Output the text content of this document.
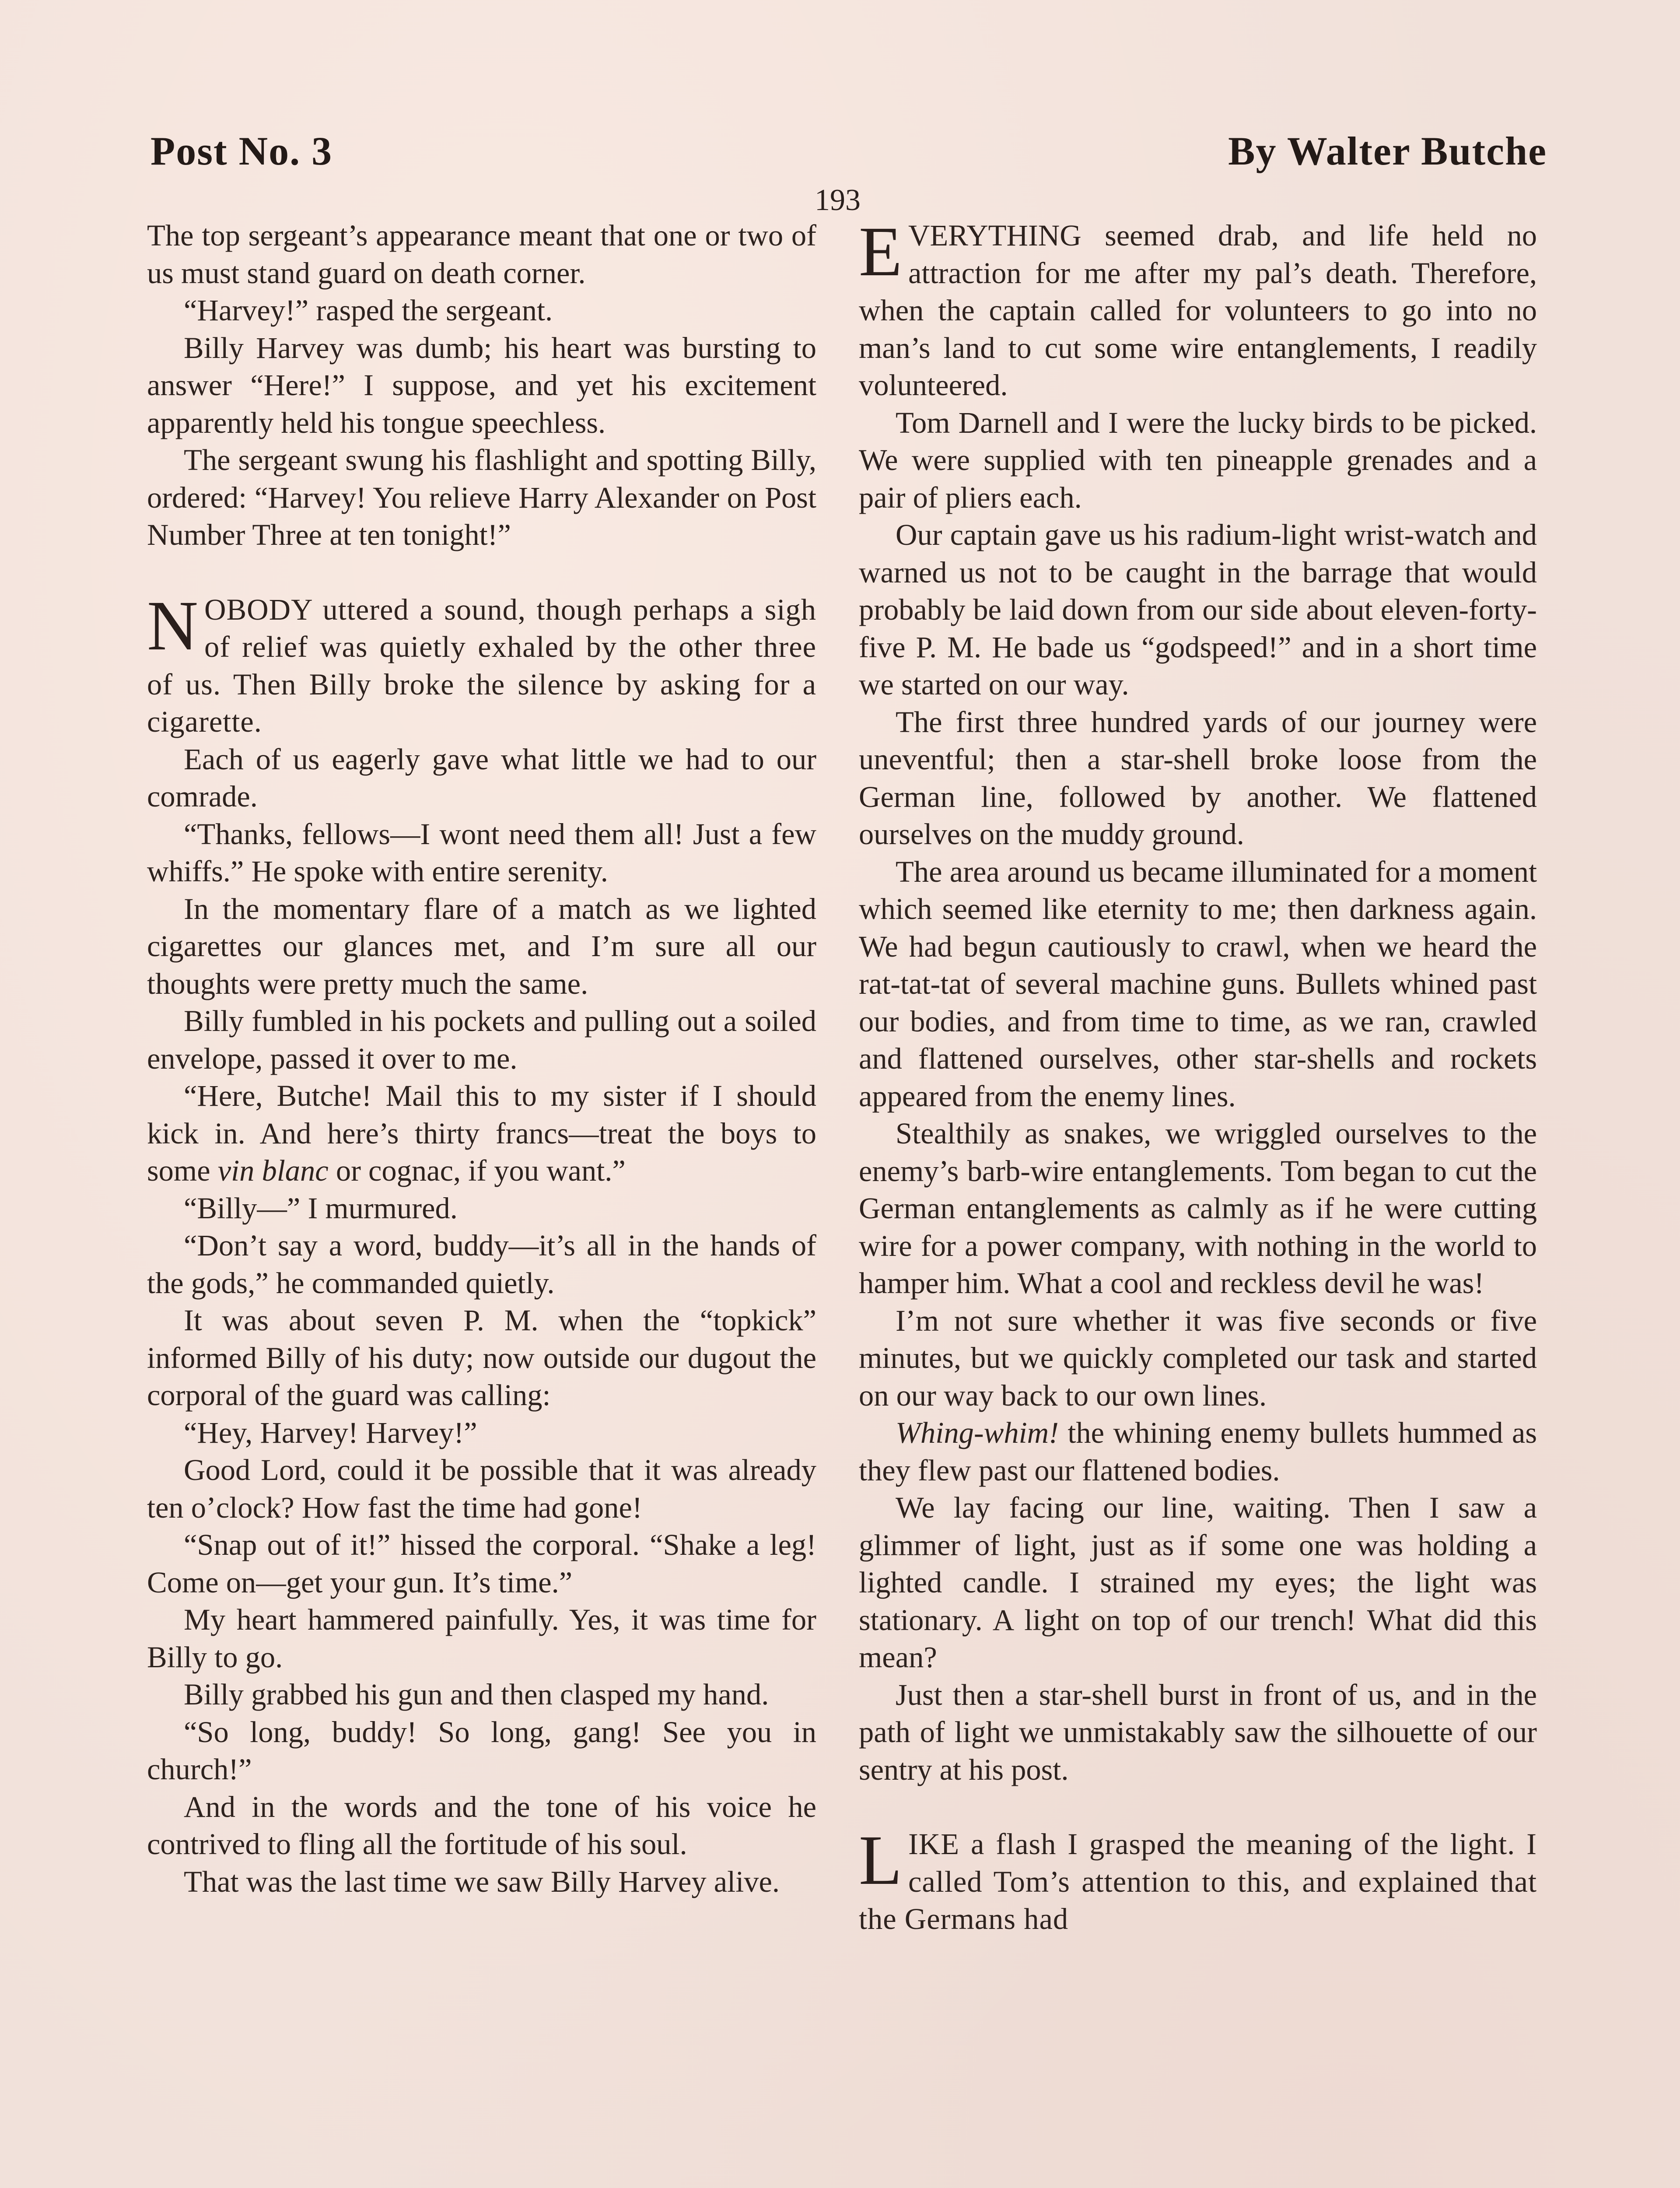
Post No. 3	By Walter Butche
193

The top sergeant’s appearance meant that one or two of us must stand guard on death corner.

“Harvey!” rasped the sergeant.

Billy Harvey was dumb; his heart was bursting to answer “Here!” I suppose, and yet his excitement apparently held his tongue speechless.

The sergeant swung his flashlight and spotting Billy, ordered: “Harvey! You relieve Harry Alexander on Post Number Three at ten tonight!”

NOBODY uttered a sound, though perhaps a sigh of relief was quietly exhaled by the other three of us. Then Billy broke the silence by asking for a cigarette.

Each of us eagerly gave what little we had to our comrade.

“Thanks, fellows—I wont need them all! Just a few whiffs.” He spoke with entire serenity.

In the momentary flare of a match as we lighted cigarettes our glances met, and I’m sure all our thoughts were pretty much the same.

Billy fumbled in his pockets and pulling out a soiled envelope, passed it over to me.

“Here, Butche! Mail this to my sister if I should kick in. And here’s thirty francs—treat the boys to some vin blanc or cognac, if you want.”

“Billy—” I murmured.

“Don’t say a word, buddy—it’s all in the hands of the gods,” he commanded quietly.

It was about seven P. M. when the “topkick” informed Billy of his duty; now outside our dugout the corporal of the guard was calling:

“Hey, Harvey! Harvey!”

Good Lord, could it be possible that it was already ten o’clock? How fast the time had gone!

“Snap out of it!” hissed the corporal. “Shake a leg! Come on—get your gun. It’s time.”

My heart hammered painfully. Yes, it was time for Billy to go.

Billy grabbed his gun and then clasped my hand.

“So long, buddy! So long, gang! See you in church!”

And in the words and the tone of his voice he contrived to fling all the fortitude of his soul.

That was the last time we saw Billy Harvey alive.

EVERYTHING seemed drab, and life held no attraction for me after my pal’s death. Therefore, when the captain called for volunteers to go into no man’s land to cut some wire entanglements, I readily volunteered.

Tom Darnell and I were the lucky birds to be picked. We were supplied with ten pineapple grenades and a pair of pliers each.

Our captain gave us his radium-light wrist-watch and warned us not to be caught in the barrage that would probably be laid down from our side about eleven-forty-five P. M. He bade us “godspeed!” and in a short time we started on our way.

The first three hundred yards of our journey were uneventful; then a star-shell broke loose from the German line, followed by another. We flattened ourselves on the muddy ground.

The area around us became illuminated for a moment which seemed like eternity to me; then darkness again. We had begun cautiously to crawl, when we heard the rat-tat-tat of several machine guns. Bullets whined past our bodies, and from time to time, as we ran, crawled and flattened ourselves, other star-shells and rockets appeared from the enemy lines.

Stealthily as snakes, we wriggled ourselves to the enemy’s barb-wire entanglements. Tom began to cut the German entanglements as calmly as if he were cutting wire for a power company, with nothing in the world to hamper him. What a cool and reckless devil he was!

I’m not sure whether it was five seconds or five minutes, but we quickly completed our task and started on our way back to our own lines.

Whing-whim! the whining enemy bullets hummed as they flew past our flattened bodies.

We lay facing our line, waiting. Then I saw a glimmer of light, just as if some one was holding a lighted candle. I strained my eyes; the light was stationary. A light on top of our trench! What did this mean?

Just then a star-shell burst in front of us, and in the path of light we unmistakably saw the silhouette of our sentry at his post.

LIKE a flash I grasped the meaning of the light. I called Tom’s attention to this, and explained that the Germans had
